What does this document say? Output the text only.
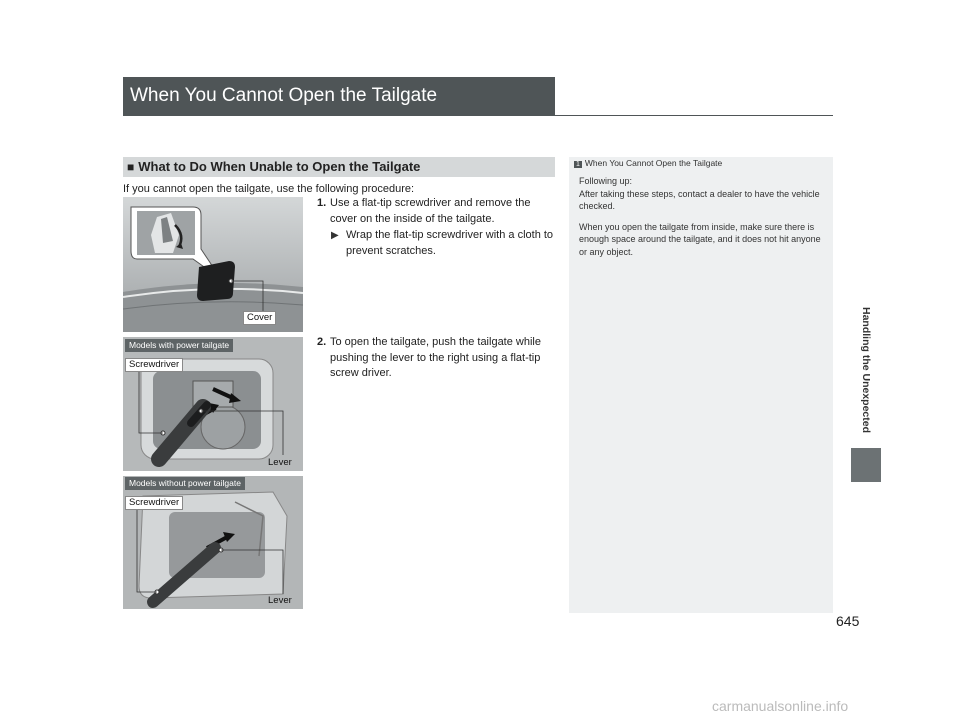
When You Cannot Open the Tailgate
■ What to Do When Unable to Open the Tailgate
If you cannot open the tailgate, use the following procedure:
1. Use a flat-tip screwdriver and remove the cover on the inside of the tailgate.
▶ Wrap the flat-tip screwdriver with a cloth to prevent scratches.
2. To open the tailgate, push the tailgate while pushing the lever to the right using a flat-tip screw driver.
Cover
Models with power tailgate
Screwdriver
Lever
Models without power tailgate
Screwdriver
Lever
1 When You Cannot Open the Tailgate

Following up:

After taking these steps, contact a dealer to have the vehicle checked.

When you open the tailgate from inside, make sure there is enough space around the tailgate, and it does not hit anyone or any object.

Handling the Unexpected
645
carmanualsonline.info
